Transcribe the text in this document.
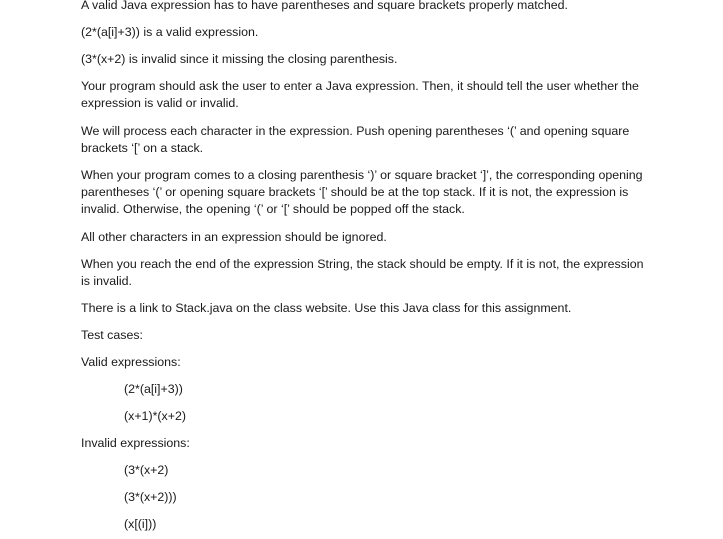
A valid Java expression has to have parentheses and square brackets properly matched.

(2*(a[i]+3)) is a valid expression.

(3*(x+2) is invalid since it missing the closing parenthesis.

Your program should ask the user to enter a Java expression. Then, it should tell the user whether the

expression is valid or invalid.

We will process each character in the expression. Push opening parentheses ‘(’ and opening square

brackets ‘[’ on a stack.

When your program comes to a closing parenthesis ‘)’ or square bracket ‘]’, the corresponding opening

parentheses ‘(’ or opening square brackets ‘[’ should be at the top stack. If it is not, the expression is

invalid. Otherwise, the opening ‘(’ or ‘[’ should be popped off the stack.

All other characters in an expression should be ignored.

When you reach the end of the expression String, the stack should be empty. If it is not, the expression

is invalid.

There is a link to Stack.java on the class website. Use this Java class for this assignment.

Test cases:

Valid expressions:

(2*(a[i]+3))

(x+1)*(x+2)

Invalid expressions:

(3*(x+2)

(3*(x+2)))

(x[(i]))
